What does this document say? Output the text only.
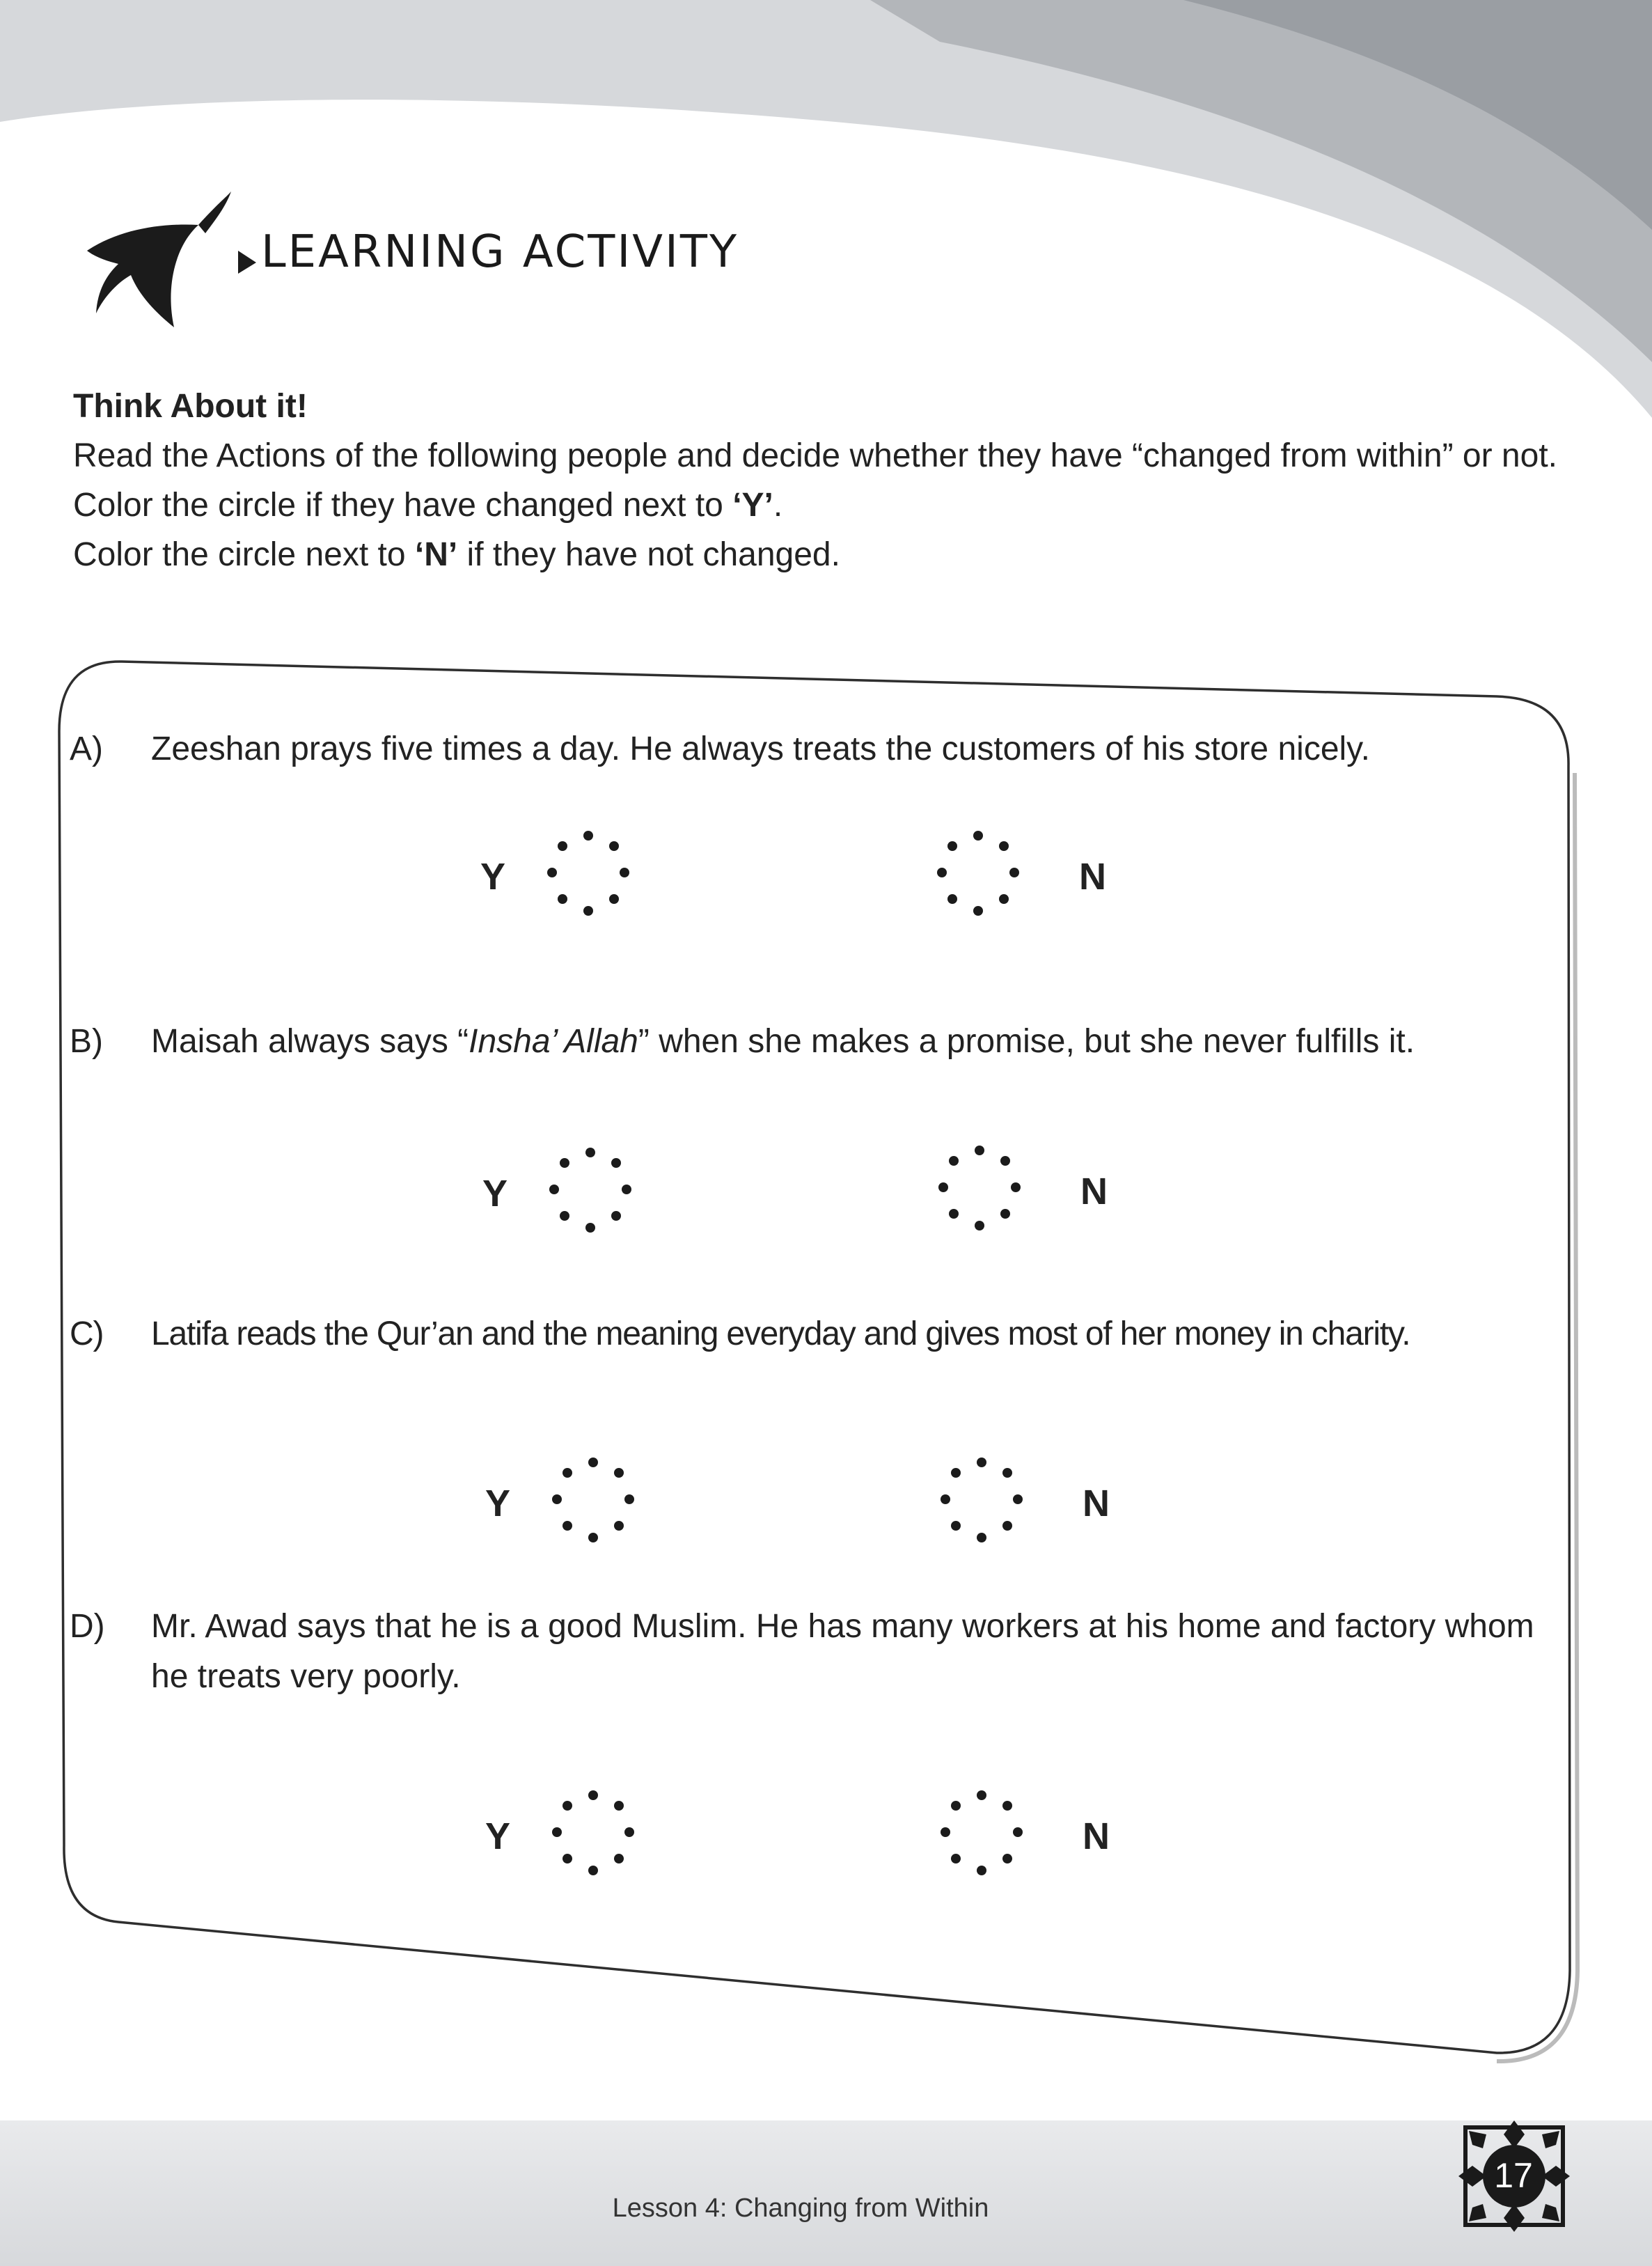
LEARNING ACTIVITY

Think About it!

Read the Actions of the following people and decide whether they have “changed from within” or not.

Color the circle if they have changed next to ‘Y’.

Color the circle next to ‘N’ if they have not changed.

A) Zeeshan prays five times a day. He always treats the customers of his store nicely.
B) Maisah always says “Insha’ Allah” when she makes a promise, but she never fulfills it.
C) Latifa reads the Qur’an and the meaning everyday and gives most of her money in charity.
D) Mr. Awad says that he is a good Muslim. He has many workers at his home and factory whom he treats very poorly.
Y	N
Y	N
Y	N
Y	N
Lesson 4: Changing from Within
17
